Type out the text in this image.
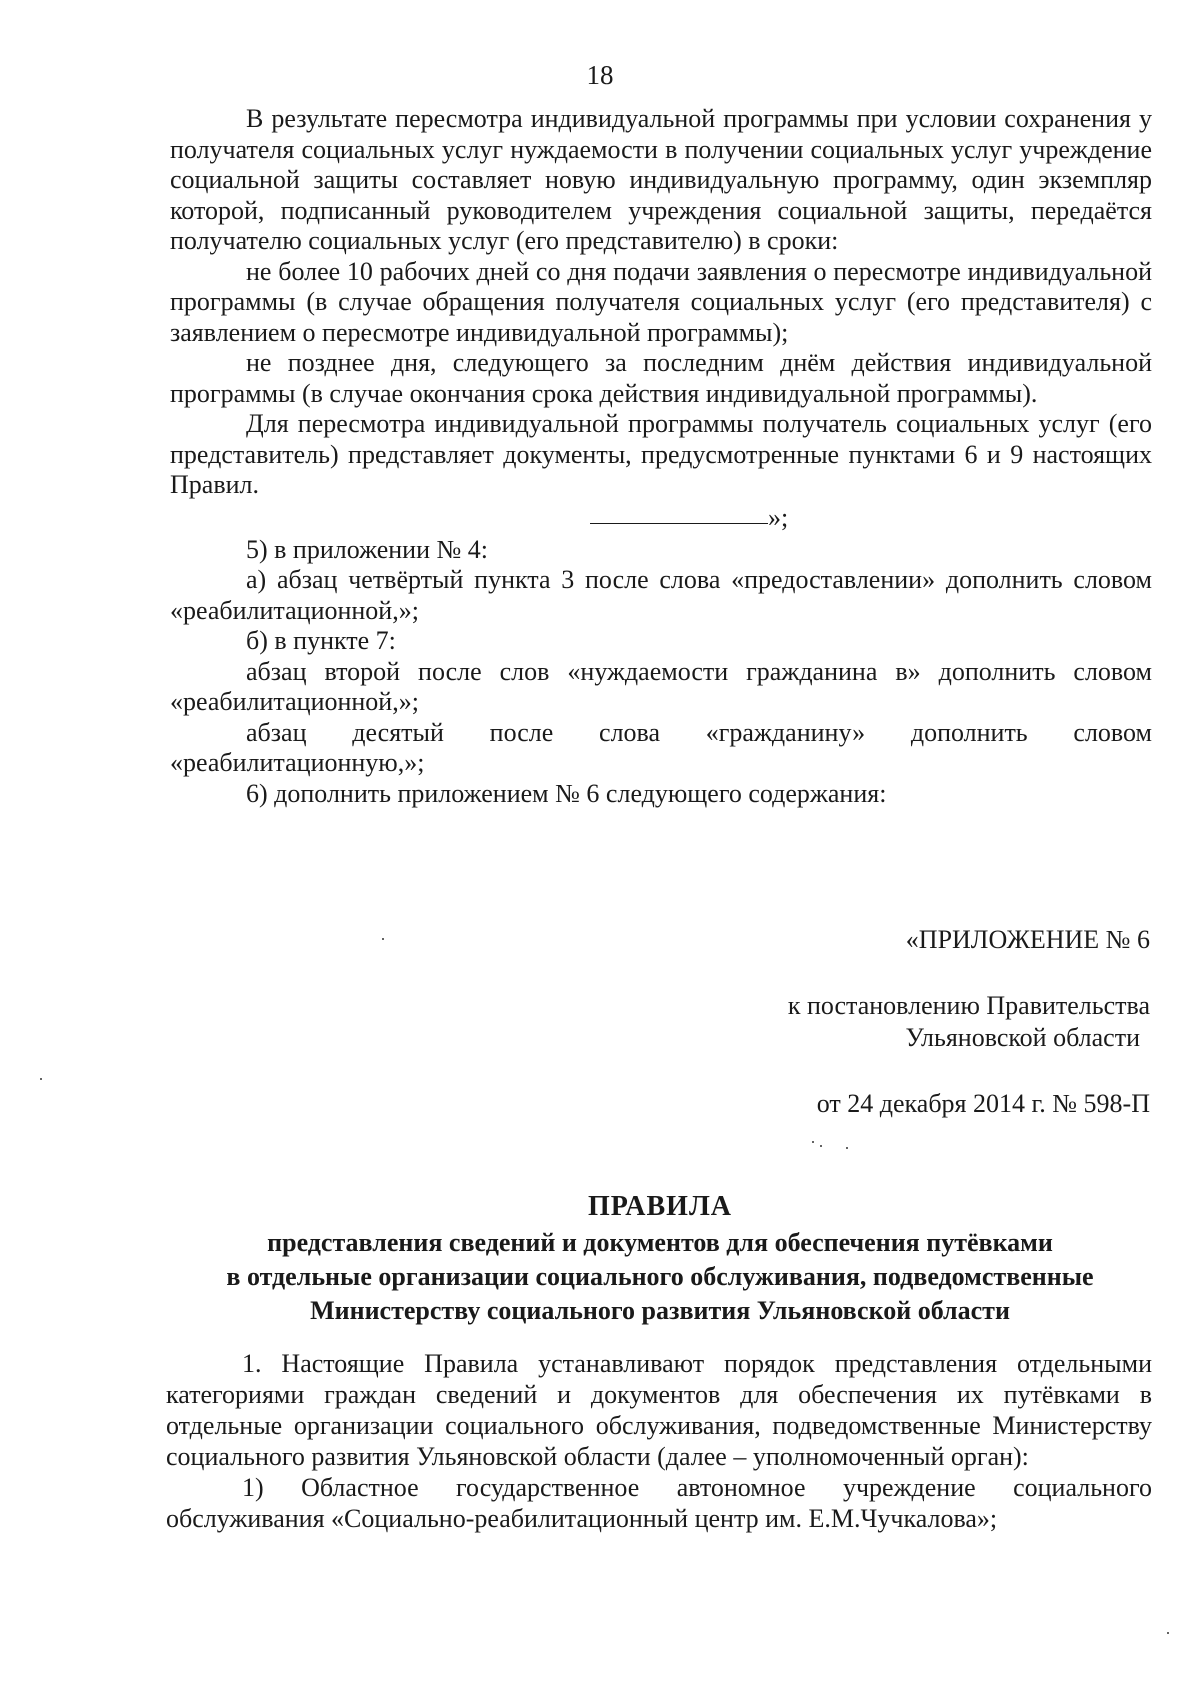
18

В результате пересмотра индивидуальной программы при условии сохранения у получателя социальных услуг нуждаемости в получении социальных услуг учреждение социальной защиты составляет новую индивидуальную программу, один экземпляр которой, подписанный руководителем учреждения социальной защиты, передаётся получателю социальных услуг (его представителю) в сроки:

не более 10 рабочих дней со дня подачи заявления о пересмотре индивидуальной программы (в случае обращения получателя социальных услуг (его представителя) с заявлением о пересмотре индивидуальной программы);

не позднее дня, следующего за последним днём действия индивидуальной программы (в случае окончания срока действия индивидуальной программы).

Для пересмотра индивидуальной программы получатель социальных услуг (его представитель) представляет документы, предусмотренные пунктами 6 и 9 настоящих Правил.

»;

5) в приложении № 4:

а) абзац четвёртый пункта 3 после слова «предоставлении» дополнить словом «реабилитационной,»;

б) в пункте 7:

абзац второй после слов «нуждаемости гражданина в» дополнить словом «реабилитационной,»;

абзац десятый после слова «гражданину» дополнить словом «реабилитационную,»;

6) дополнить приложением № 6 следующего содержания:

«ПРИЛОЖЕНИЕ № 6
к постановлению Правительства
Ульяновской области
от 24 декабря 2014 г. № 598-П
ПРАВИЛА
представления сведений и документов для обеспечения путёвками
в отдельные организации социального обслуживания, подведомственные
Министерству социального развития Ульяновской области

1. Настоящие Правила устанавливают порядок представления отдельными категориями граждан сведений и документов для обеспечения их путёвками в отдельные организации социального обслуживания, подведомственные Министерству социального развития Ульяновской области (далее – уполномоченный орган):

1) Областное государственное автономное учреждение социального обслуживания «Социально-реабилитационный центр им. Е.М.Чучкалова»;
